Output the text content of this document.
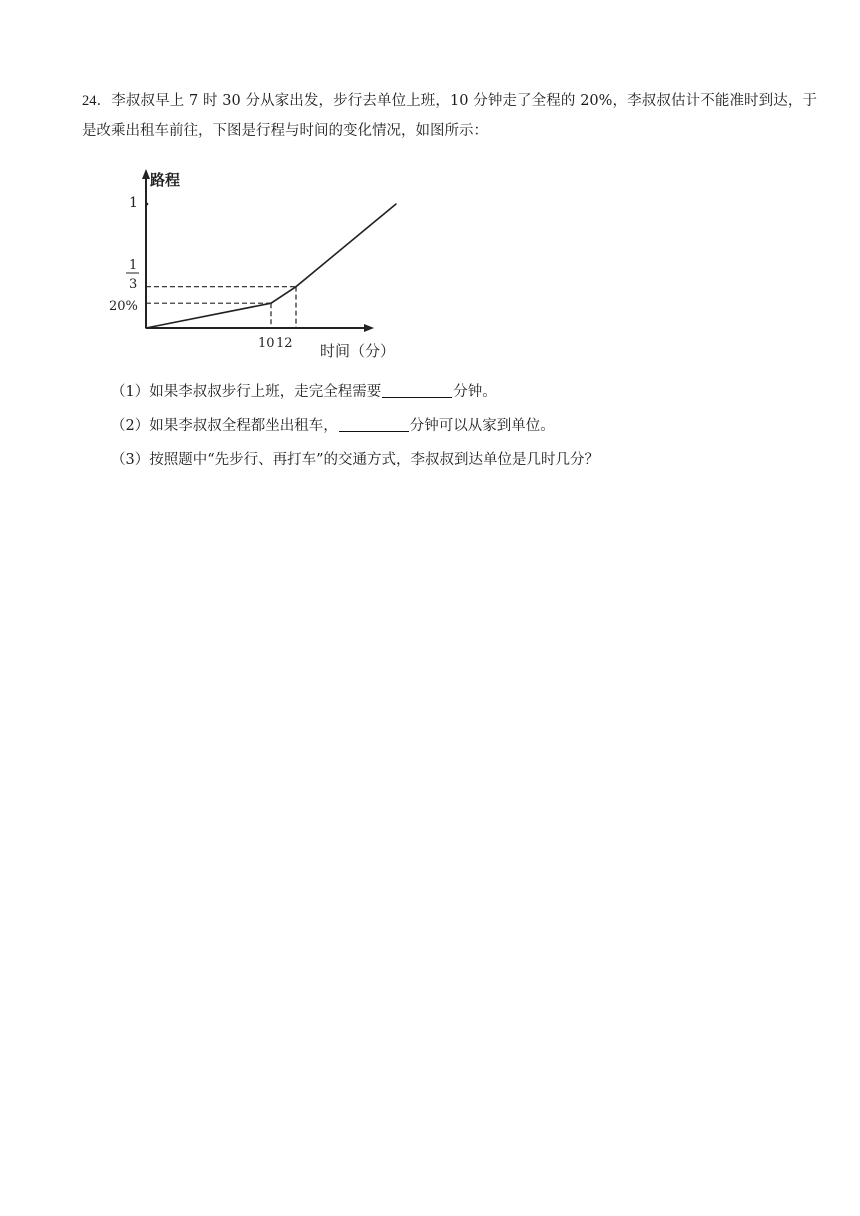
24．李叔叔早上 7 时 30 分从家出发，步行去单位上班，10 分钟走了全程的 20%，李叔叔估计不能准时到达，于是改乘出租车前往，下图是行程与时间的变化情况，如图所示：
路程
时间（分）
1
1
3
20%
10 12
（1）如果李叔叔步行上班，走完全程需要	分钟。
（2）如果李叔叔全程都坐出租车，	分钟可以从家到单位。
（3）按照题中“先步行、再打车”的交通方式，李叔叔到达单位是几时几分？
